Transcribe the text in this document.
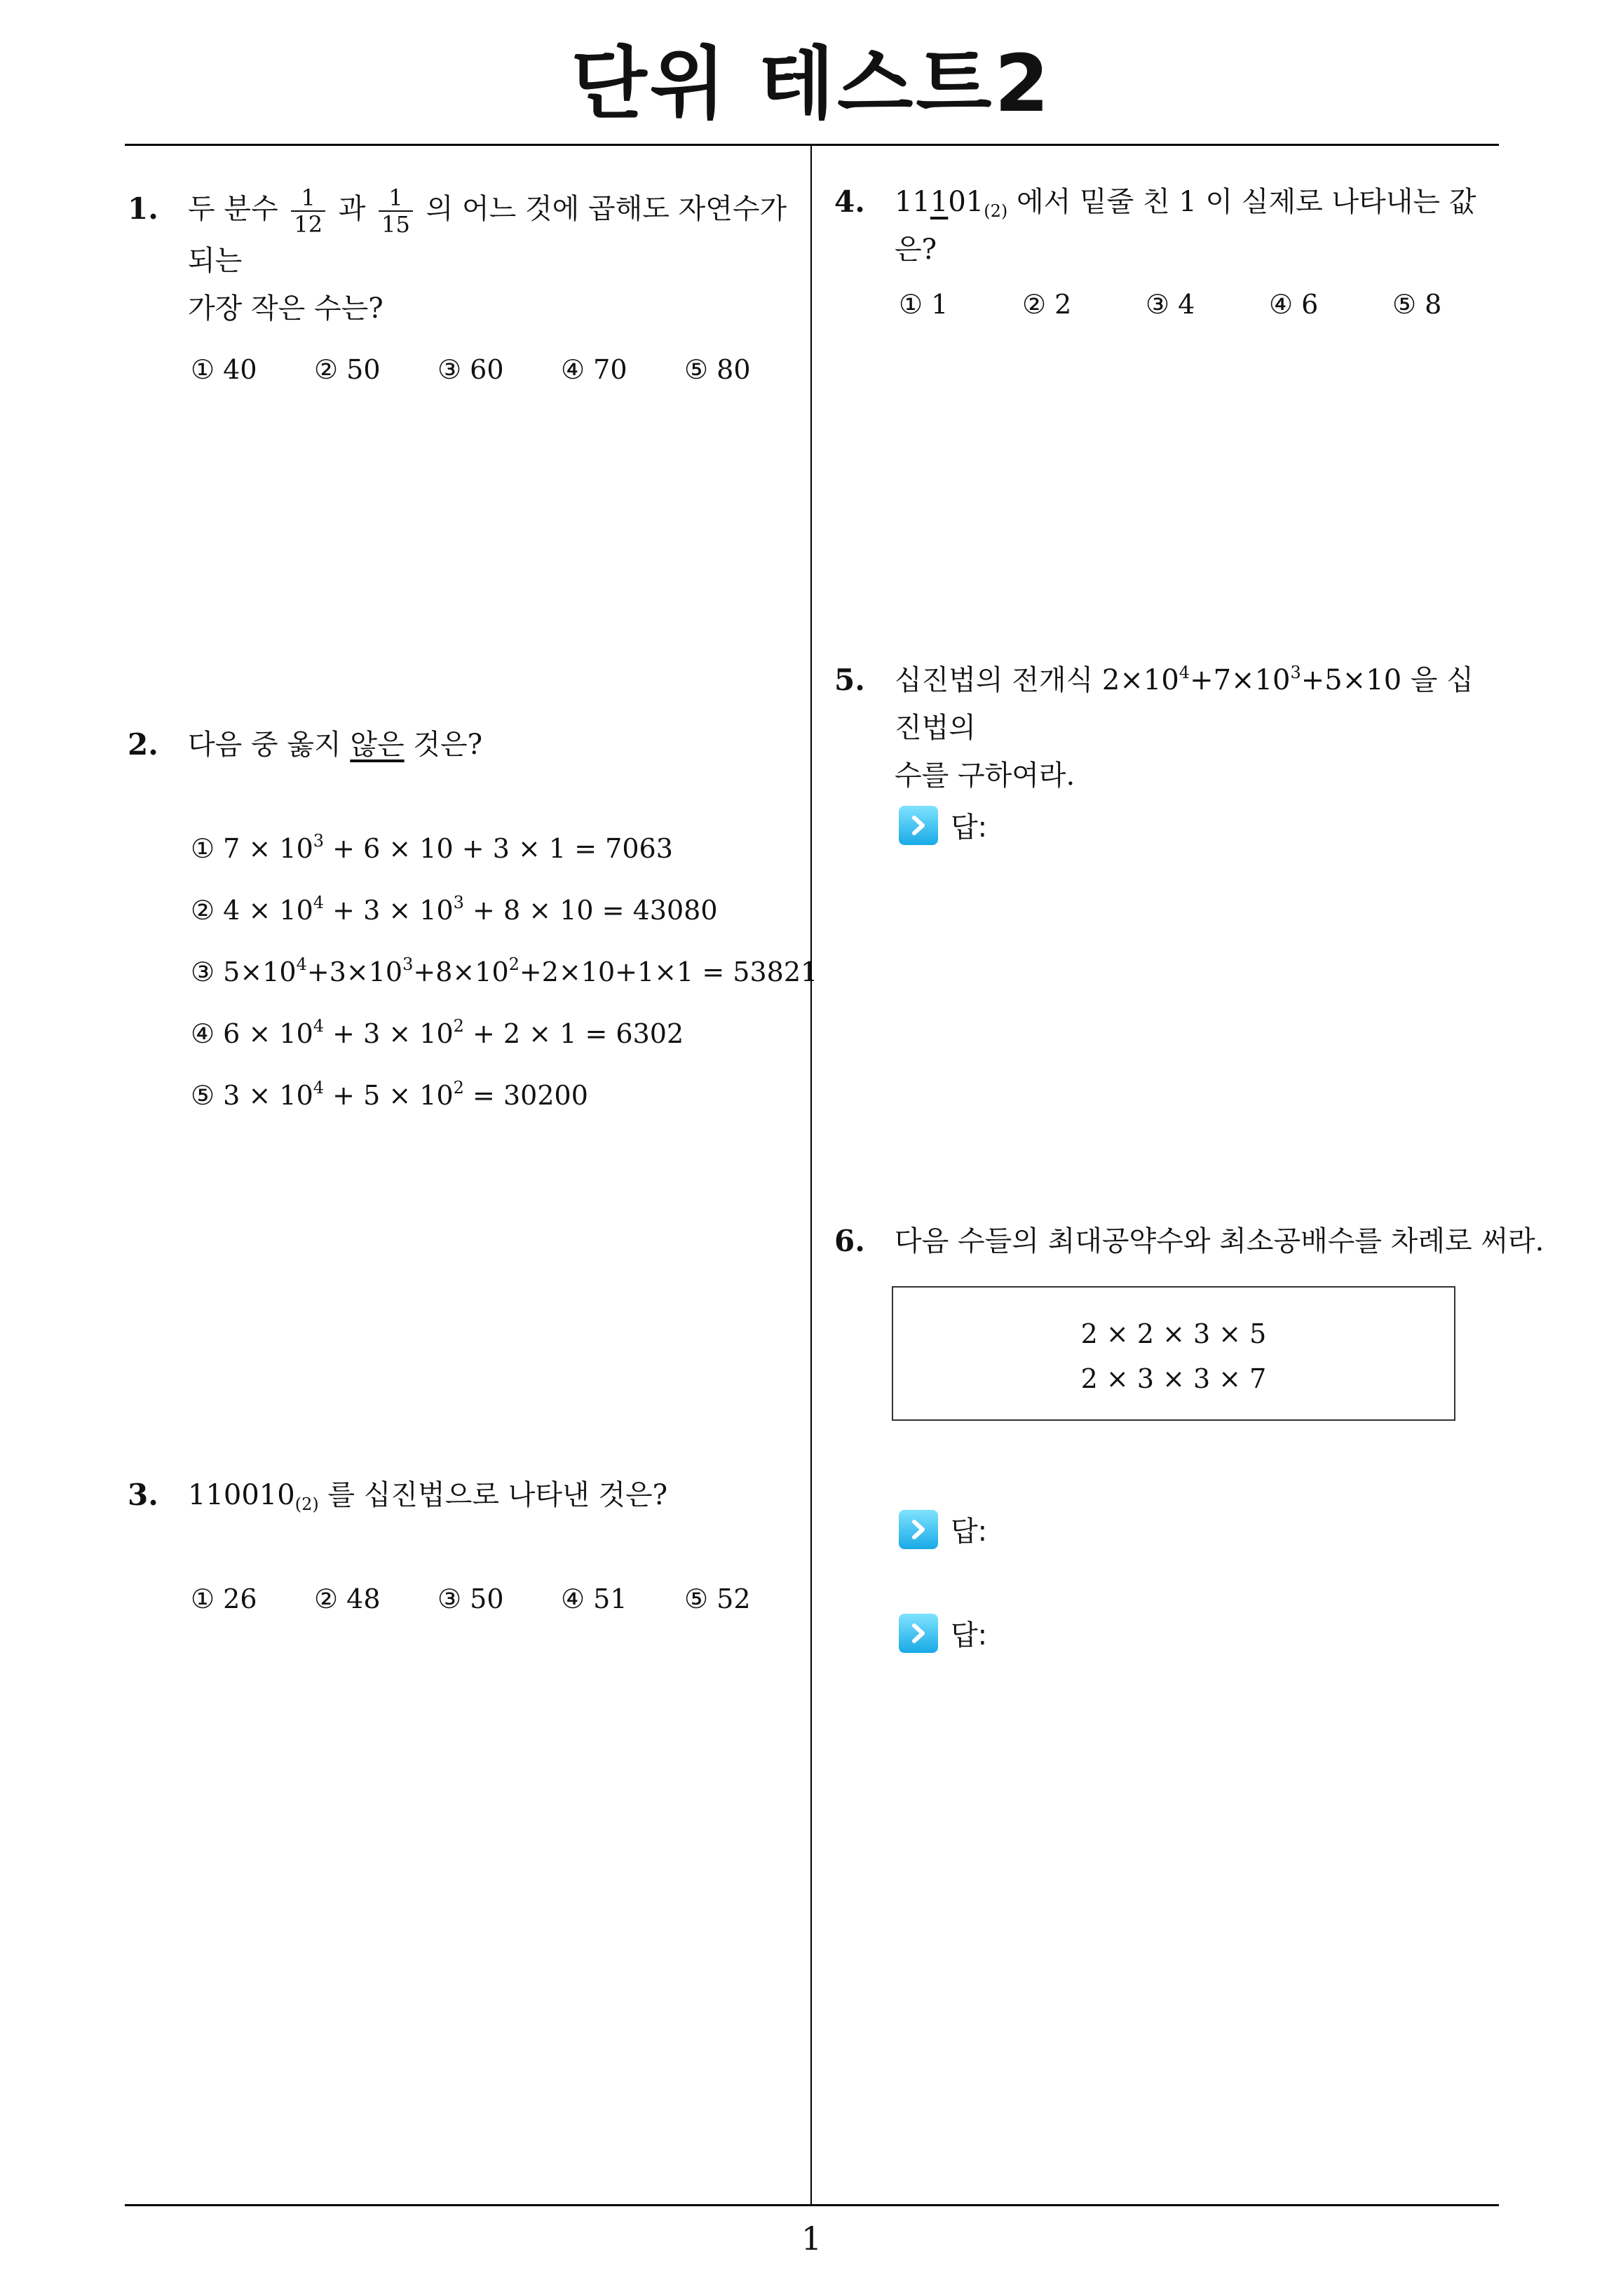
단위 테스트2
1. 두 분수 $\frac{1}{12}$ 과 $\frac{1}{15}$ 의 어느 것에 곱해도 자연수가 되는
가장 작은 수는?
① 40 ② 50 ③ 60 ④ 70 ⑤ 80
2. 다음 중 옳지 않은 것은?
① $7 \times 10^3 + 6 \times 10 + 3 \times 1 = 7063$
② $4 \times 10^4 + 3 \times 10^3 + 8 \times 10 = 43080$
③ $5\times 10^4+3\times 10^3+8\times 10^2+2\times 10+1\times 1 = 53821$
④ $6 \times 10^4 + 3 \times 10^2 + 2 \times 1 = 6302$
⑤ $3 \times 10^4 + 5 \times 10^2 = 30200$
3. $110010_{(2)}$ 를 십진법으로 나타낸 것은?
① 26 ② 48 ③ 50 ④ 51 ⑤ 52
4. $11101_{(2)}$ 에서 밑줄 친 1 이 실제로 나타내는 값은?
① 1	② 2	③ 4	④ 6	⑤ 8
5. 십진법의 전개식 $2\times 10^4+7\times 10^3+5\times 10$ 을 십진법의
수를 구하여라.
답:
6. 다음 수들의 최대공약수와 최소공배수를 차례로 써라.
2 × 2 × 3 × 5
2 × 3 × 3 × 7
답:
답:
1
